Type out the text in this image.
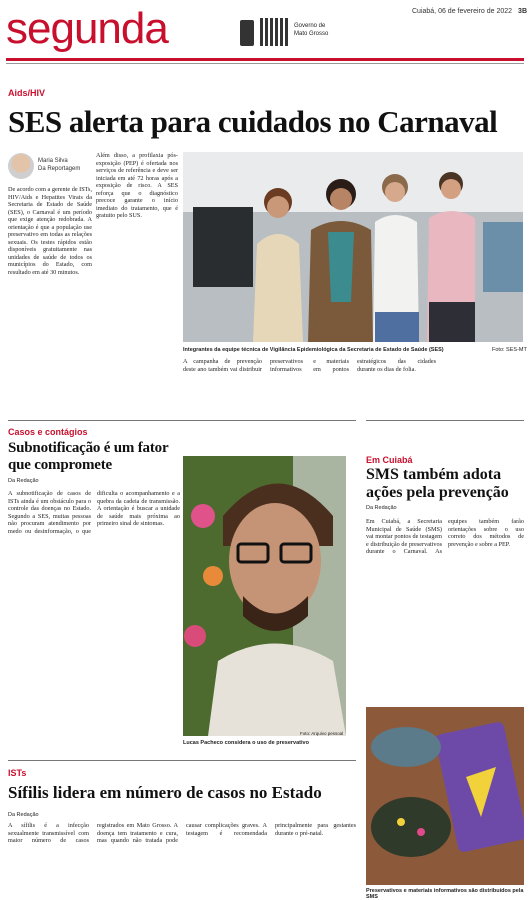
segunda	Governo de Mato Grosso
3B
Cuiabá, 06 de fevereiro de 2022
Aids/HIV
SES alerta para cuidados no Carnaval
Maria Silva
Da Reportagem

De acordo com a gerente de ISTs, HIV/Aids e Hepatites Virais da Secretaria de Estado de Saúde (SES), o Carnaval é um período que exige atenção redobrada. A orientação é que a população use preservativo em todas as relações sexuais. Os testes rápidos estão disponíveis gratuitamente nas unidades de saúde de todos os municípios do Estado, com resultado em até 30 minutos.

Além disso, a profilaxia pós-exposição (PEP) é ofertada nos serviços de referência e deve ser iniciada em até 72 horas após a exposição de risco. A SES reforça que o diagnóstico precoce garante o início imediato do tratamento, que é gratuito pelo SUS.

Integrantes da equipe técnica de Vigilância Epidemiológica da Secretaria de Estado de Saúde (SES)	Foto: SES-MT

A campanha de prevenção deste ano também vai distribuir preservativos e materiais informativos em pontos estratégicos das cidades durante os dias de folia.

Casos e contágios
Subnotificação é um fator que compromete
Da Redação

A subnotificação de casos de ISTs ainda é um obstáculo para o controle das doenças no Estado. Segundo a SES, muitas pessoas não procuram atendimento por medo ou desinformação, o que dificulta o acompanhamento e a quebra da cadeia de transmissão. A orientação é buscar a unidade de saúde mais próxima ao primeiro sinal de sintomas.

Lucas Pacheco considera o uso de preservativo
Foto: Arquivo pessoal
Em Cuiabá
SMS também adota ações pela prevenção
Da Redação

Em Cuiabá, a Secretaria Municipal de Saúde (SMS) vai montar pontos de testagem e distribuição de preservativos durante o Carnaval. As equipes também farão orientações sobre o uso correto dos métodos de prevenção e sobre a PEP.

Preservativos e materiais informativos são distribuídos pela SMS
ISTs
Sífilis lidera em número de casos no Estado
Da Redação

A sífilis é a infecção sexualmente transmissível com maior número de casos registrados em Mato Grosso. A doença tem tratamento e cura, mas quando não tratada pode causar complicações graves. A testagem é recomendada principalmente para gestantes durante o pré-natal.
